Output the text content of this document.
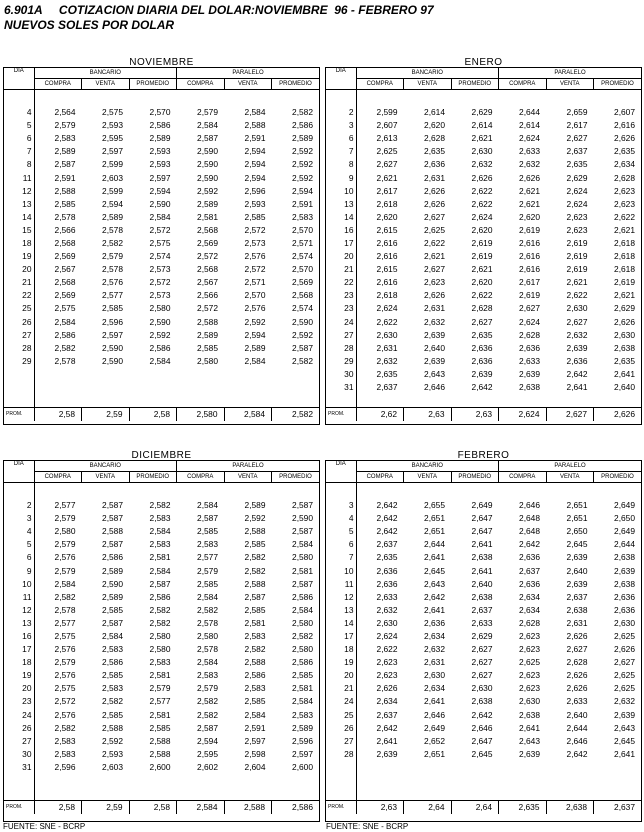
6.901A     COTIZACION DIARIA DEL DOLAR:NOVIEMBRE  96 - FEBRERO 97
NUEVOS SOLES POR DOLAR
NOVIEMBRE
DIA	BANCARIO			PARALELO		
	COMPRA	VENTA	PROMEDIO	COMPRA	VENTA	PROMEDIO

4	2,564	2,575	2,570	2,579	2,584	2,582
5	2,579	2,593	2,586	2,584	2,588	2,586
6	2,583	2,595	2,589	2,587	2,591	2,589
7	2,589	2,597	2,593	2,590	2,594	2,592
8	2,587	2,599	2,593	2,590	2,594	2,592
11	2,591	2,603	2,597	2,590	2,594	2,592
12	2,588	2,599	2,594	2,592	2,596	2,594
13	2,585	2,594	2,590	2,589	2,593	2,591
14	2,578	2,589	2,584	2,581	2,585	2,583
15	2,566	2,578	2,572	2,568	2,572	2,570
18	2,568	2,582	2,575	2,569	2,573	2,571
19	2,569	2,579	2,574	2,572	2,576	2,574
20	2,567	2,578	2,573	2,568	2,572	2,570
21	2,568	2,576	2,572	2,567	2,571	2,569
22	2,569	2,577	2,573	2,566	2,570	2,568
25	2,575	2,585	2,580	2,572	2,576	2,574
26	2,584	2,596	2,590	2,588	2,592	2,590
27	2,586	2,597	2,592	2,589	2,594	2,592
28	2,582	2,590	2,586	2,585	2,589	2,587
29	2,578	2,590	2,584	2,580	2,584	2,582

PROM.	2,58	2,59	2,58	2,580	2,584	2,582
ENERO
DIA	BANCARIO			PARALELO		
	COMPRA	VENTA	PROMEDIO	COMPRA	VENTA	PROMEDIO

2	2,599	2,614	2,629	2,644	2,659	2,607
3	2,607	2,620	2,614	2,614	2,617	2,616
6	2,613	2,628	2,621	2,624	2,627	2,626
7	2,625	2,635	2,630	2,633	2,637	2,635
8	2,627	2,636	2,632	2,632	2,635	2,634
9	2,621	2,631	2,626	2,626	2,629	2,628
10	2,617	2,626	2,622	2,621	2,624	2,623
13	2,618	2,626	2,622	2,621	2,624	2,623
14	2,620	2,627	2,624	2,620	2,623	2,622
16	2,615	2,625	2,620	2,619	2,623	2,621
17	2,616	2,622	2,619	2,616	2,619	2,618
20	2,616	2,621	2,619	2,616	2,619	2,618
21	2,615	2,627	2,621	2,616	2,619	2,618
22	2,616	2,623	2,620	2,617	2,621	2,619
23	2,618	2,626	2,622	2,619	2,622	2,621
23	2,624	2,631	2,628	2,627	2,630	2,629
24	2,622	2,632	2,627	2,624	2,627	2,626
27	2,630	2,639	2,635	2,628	2,632	2,630
28	2,631	2,640	2,636	2,636	2,639	2,638
29	2,632	2,639	2,636	2,633	2,636	2,635
30	2,635	2,643	2,639	2,639	2,642	2,641
31	2,637	2,646	2,642	2,638	2,641	2,640

PROM.	2,62	2,63	2,63	2,624	2,627	2,626
DICIEMBRE
DIA	BANCARIO			PARALELO		
	COMPRA	VENTA	PROMEDIO	COMPRA	VENTA	PROMEDIO

2	2,577	2,587	2,582	2,584	2,589	2,587
3	2,579	2,587	2,583	2,587	2,592	2,590
4	2,580	2,588	2,584	2,585	2,588	2,587
5	2,579	2,587	2,583	2,583	2,585	2,584
6	2,576	2,586	2,581	2,577	2,582	2,580
9	2,579	2,589	2,584	2,579	2,582	2,581
10	2,584	2,590	2,587	2,585	2,588	2,587
11	2,582	2,589	2,586	2,584	2,587	2,586
12	2,578	2,585	2,582	2,582	2,585	2,584
13	2,577	2,587	2,582	2,578	2,581	2,580
16	2,575	2,584	2,580	2,580	2,583	2,582
17	2,576	2,583	2,580	2,578	2,582	2,580
18	2,579	2,586	2,583	2,584	2,588	2,586
19	2,576	2,585	2,581	2,583	2,586	2,585
20	2,575	2,583	2,579	2,579	2,583	2,581
23	2,572	2,582	2,577	2,582	2,585	2,584
24	2,576	2,585	2,581	2,582	2,584	2,583
26	2,582	2,588	2,585	2,587	2,591	2,589
27	2,583	2,592	2,588	2,594	2,597	2,596
30	2,583	2,593	2,588	2,595	2,598	2,597
31	2,596	2,603	2,600	2,602	2,604	2,600

PROM.	2,58	2,59	2,58	2,584	2,588	2,586
FEBRERO
DIA	BANCARIO			PARALELO		
	COMPRA	VENTA	PROMEDIO	COMPRA	VENTA	PROMEDIO

3	2,642	2,655	2,649	2,646	2,651	2,649
4	2,642	2,651	2,647	2,648	2,651	2,650
5	2,642	2,651	2,647	2,648	2,650	2,649
6	2,637	2,644	2,641	2,642	2,645	2,644
7	2,635	2,641	2,638	2,636	2,639	2,638
10	2,636	2,645	2,641	2,637	2,640	2,639
11	2,636	2,643	2,640	2,636	2,639	2,638
12	2,633	2,642	2,638	2,634	2,637	2,636
13	2,632	2,641	2,637	2,634	2,638	2,636
14	2,630	2,636	2,633	2,628	2,631	2,630
17	2,624	2,634	2,629	2,623	2,626	2,625
18	2,622	2,632	2,627	2,623	2,627	2,626
19	2,623	2,631	2,627	2,625	2,628	2,627
20	2,623	2,630	2,627	2,623	2,626	2,625
21	2,626	2,634	2,630	2,623	2,626	2,625
24	2,634	2,641	2,638	2,630	2,633	2,632
25	2,637	2,646	2,642	2,638	2,640	2,639
26	2,642	2,649	2,646	2,641	2,644	2,643
27	2,641	2,652	2,647	2,643	2,646	2,645
28	2,639	2,651	2,645	2,639	2,642	2,641

PROM.	2,63	2,64	2,64	2,635	2,638	2,637
FUENTE: SNE - BCRP	FUENTE: SNE - BCRP
